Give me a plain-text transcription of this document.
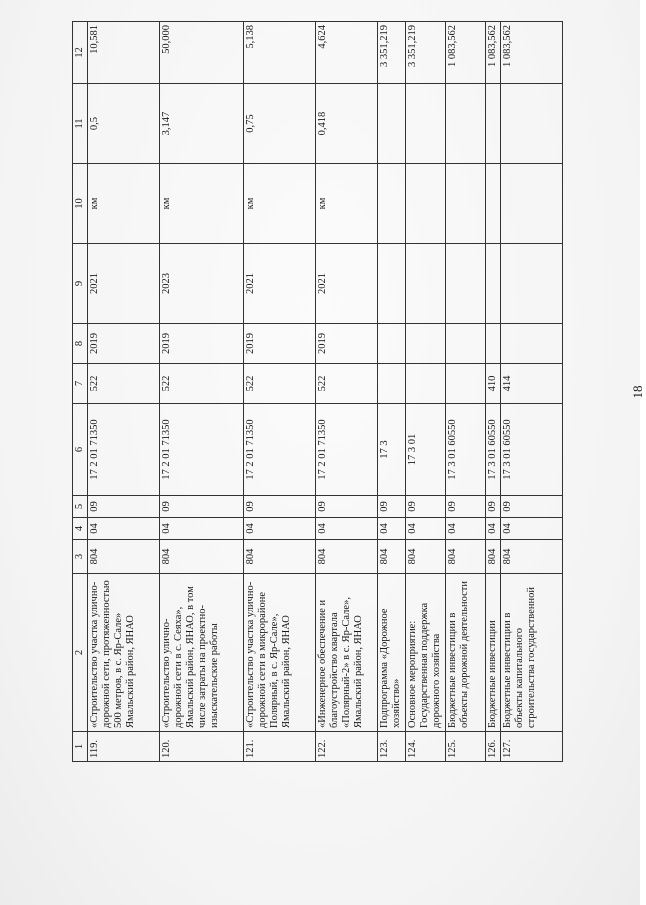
1	2	3	4	5	6	7	8	9	10	11	12
119.	«Строительство участка улично-дорожной сети, протяженностью 500 метров, в с. Яр-Сале» Ямальский район, ЯНАО	804	04	09	17 2 01 71350	522	2019	2021	км	0,5	10,581
120.	«Строительство улично-дорожной сети в с. Сеяха», Ямальский район, ЯНАО, в том числе затраты на проектно-изыскательские работы	804	04	09	17 2 01 71350	522	2019	2023	км	3,147	50,000
121.	«Строительство участка улично-дорожной сети в микрорайоне Полярный, в с. Яр-Сале», Ямальский район, ЯНАО	804	04	09	17 2 01 71350	522	2019	2021	км	0,75	5,138
122.	«Инженерное обеспечение и благоустройство квартала «Полярный-2» в с. Яр-Сале», Ямальский район, ЯНАО	804	04	09	17 2 01 71350	522	2019	2021	км	0,418	4,624
123.	Подпрограмма «Дорожное хозяйство»	804	04	09	17 3						3 351,219
124.	Основное мероприятие: Государственная поддержка дорожного хозяйства	804	04	09	17 3 01						3 351,219
125.	Бюджетные инвестиции в объекты дорожной деятельности	804	04	09	17 3 01 60550						1 083,562
126.	Бюджетные инвестиции	804	04	09	17 3 01 60550	410					1 083,562
127.	Бюджетные инвестиции в объекты капитального строительства государственной	804	04	09	17 3 01 60550	414					1 083,562
18
